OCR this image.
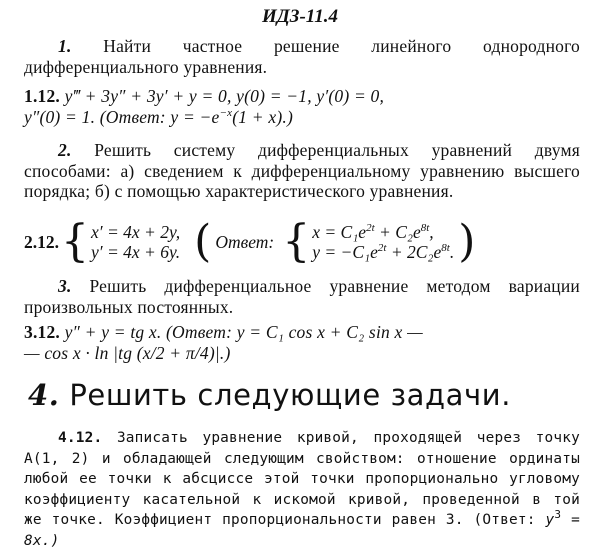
ИДЗ-11.4

1. Найти частное решение линейного однородного дифференциального уравнения.

1.12. y‴ + 3y″ + 3y′ + y = 0, y(0) = −1, y′(0) = 0,
y″(0) = 1. (Ответ: $y = -e^{-x}(1 + x)$.)

2. Решить систему дифференциальных уравнений двумя способами: а) сведением к дифференциальному уравнению высшего порядка; б) с помощью характеристического уравнения.

2.12. { x′ = 4x + 2y,
y′ = 4x + 6y. ( Ответ: { $x = C_1e^{2t} + C_2e^{8t}$,
$y = -C_1e^{2t} + 2C_2e^{8t}$. )

3. Решить дифференциальное уравнение методом вариации произвольных постоянных.

3.12. y″ + y = tg x. (Ответ: y = C₁ cos x + C₂ sin x —
— cos x · ln |tg (x/2 + π/4)|.)

4. Решить следующие задачи.

4.12. Записать уравнение кривой, проходящей через точку А(1, 2) и обладающей следующим свойством: отношение ординаты любой ее точки к абсциссе этой точки пропорционально угловому коэффициенту касательной к искомой кривой, проведенной в той же точке. Коэффициент пропорциональности равен 3. (Ответ: $y^3 = 8x$.)
